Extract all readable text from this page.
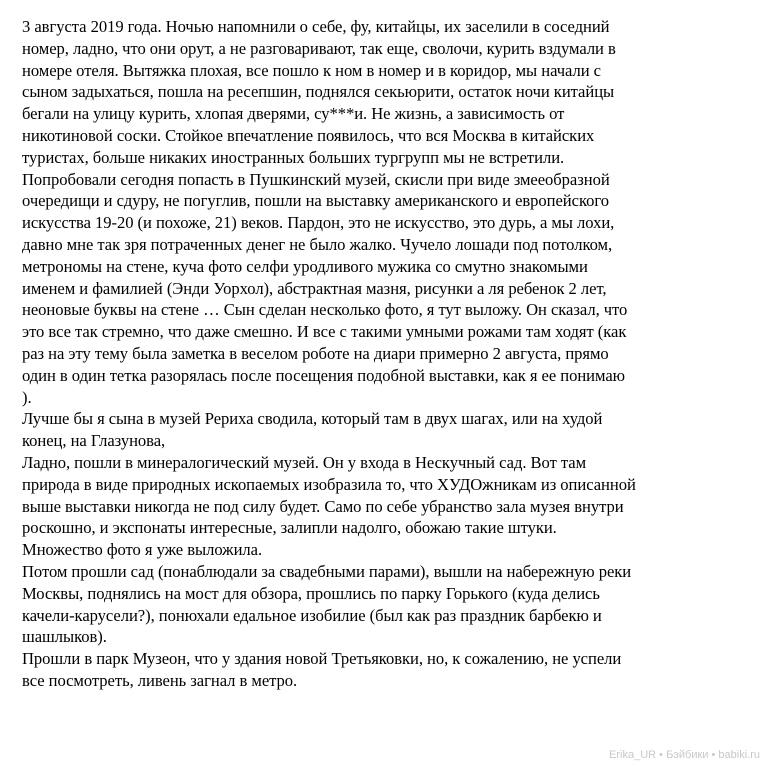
3 августа 2019 года. Ночью напомнили о себе, фу, китайцы, их заселили в соседний
номер, ладно, что они орут, а не разговаривают, так еще, сволочи, курить вздумали в
номере отеля. Вытяжка плохая, все пошло к ном в номер и в коридор, мы начали с
сыном задыхаться, пошла на ресепшин, поднялся секьюрити, остаток ночи китайцы
бегали на улицу курить, хлопая дверями, су***и. Не жизнь, а зависимость от
никотиновой соски. Стойкое впечатление появилось, что вся Москва в китайских
туристах, больше никаких иностранных больших тургрупп мы не встретили.
Попробовали сегодня попасть в Пушкинский музей, скисли при виде змееобразной
очередищи и сдуру, не погуглив, пошли на выставку американского и европейского
искусства 19-20 (и похоже, 21) веков. Пардон, это не искусство, это дурь, а мы лохи,
давно мне так зря потраченных денег не было жалко. Чучело лошади под потолком,
метрономы на стене, куча фото селфи уродливого мужика со смутно знакомыми
именем и фамилией (Энди Уорхол), абстрактная мазня, рисунки а ля ребенок 2 лет,
неоновые буквы на стене … Сын сделан несколько фото, я тут выложу. Он сказал, что
это все так стремно, что даже смешно. И все с такими умными рожами там ходят (как
раз на эту тему была заметка в веселом роботе на диари примерно 2 августа, прямо
один в один тетка разорялась после посещения подобной выставки, как я ее понимаю
).
Лучше бы я сына в музей Рериха сводила, который там в двух шагах, или на худой
конец, на Глазунова,
Ладно, пошли в минералогический музей. Он у входа в Нескучный сад. Вот там
природа в виде природных ископаемых изобразила то, что ХУДОжникам из описанной
выше выставки никогда не под силу будет. Само по себе убранство зала музея внутри
роскошно, и экспонаты интересные, залипли надолго, обожаю такие штуки.
Множество фото я уже выложила.
Потом прошли сад (понаблюдали за свадебными парами), вышли на набережную реки
Москвы, поднялись на мост для обзора, прошлись по парку Горького (куда делись
качели-карусели?), понюхали едальное изобилие (был как раз праздник барбекю и
шашлыков).
Прошли в парк Музеон, что у здания новой Третьяковки, но, к сожалению, не успели
все посмотреть, ливень загнал в метро.
Erika_UR • Бэйбики • babiki.ru
